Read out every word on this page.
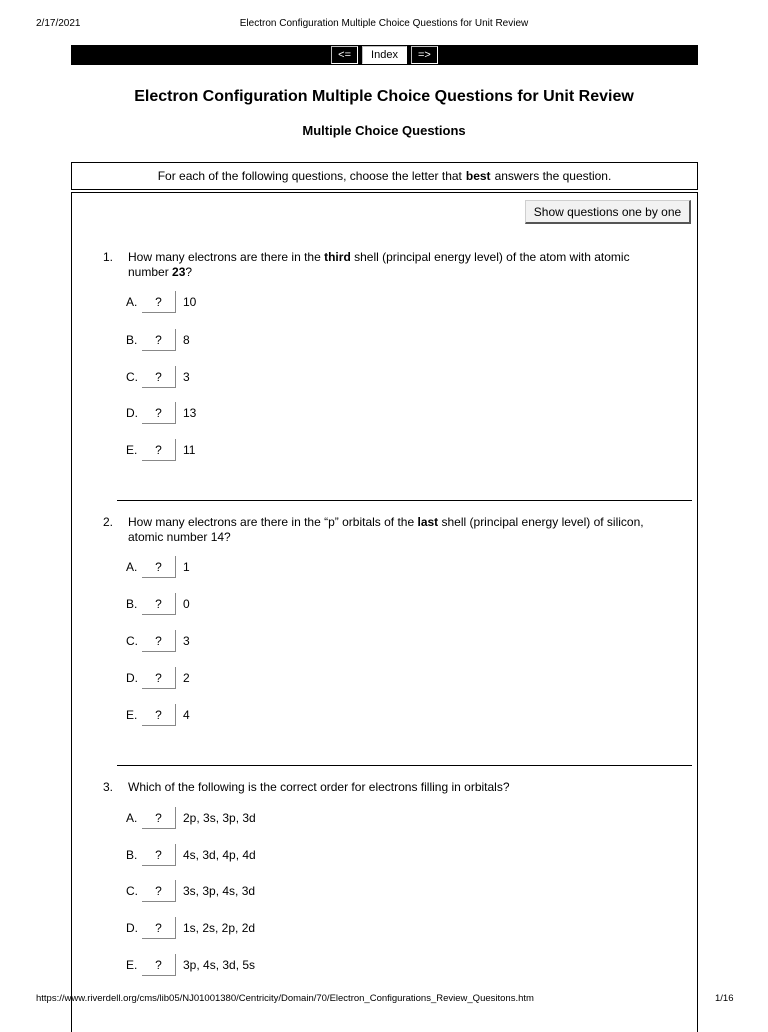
2/17/2021	Electron Configuration Multiple Choice Questions for Unit Review
<=	Index	=>
Electron Configuration Multiple Choice Questions for Unit Review
Multiple Choice Questions
For each of the following questions, choose the letter that best answers the question.
Show questions one by one
1. How many electrons are there in the third shell (principal energy level) of the atom with atomic number 23?
A.	?	10
B.	?	8
C.	?	3
D.	?	13
E.	?	11
2. How many electrons are there in the “p” orbitals of the last shell (principal energy level) of silicon, atomic number 14?
A.	?	1
B.	?	0
C.	?	3
D.	?	2
E.	?	4
3. Which of the following is the correct order for electrons filling in orbitals?
A.	?	2p, 3s, 3p, 3d
B.	?	4s, 3d, 4p, 4d
C.	?	3s, 3p, 4s, 3d
D.	?	1s, 2s, 2p, 2d
E.	?	3p, 4s, 3d, 5s
https://www.riverdell.org/cms/lib05/NJ01001380/Centricity/Domain/70/Electron_Configurations_Review_Quesitons.htm	1/16
